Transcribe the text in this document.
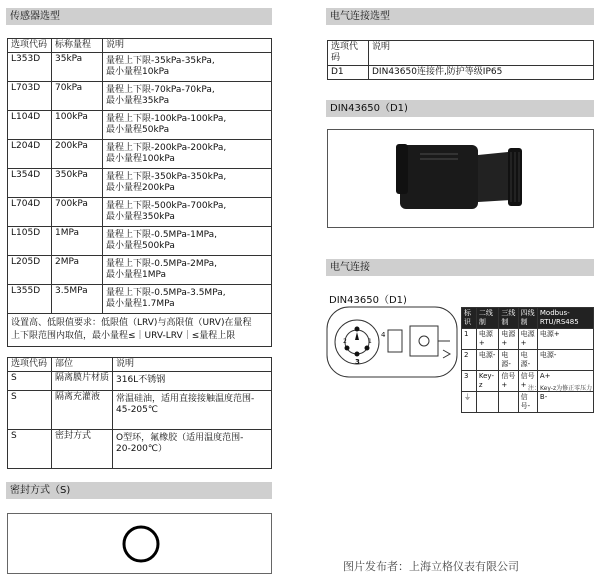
传感器选型
选项代码	标称量程	说明
L353D	35kPa	量程上下限-35kPa-35kPa,
最小量程10kPa

L703D	70kPa	量程上下限-70kPa-70kPa,
最小量程35kPa

L104D	100kPa	量程上下限-100kPa-100kPa,
最小量程50kPa

L204D	200kPa	量程上下限-200kPa-200kPa,
最小量程100kPa

L354D	350kPa	量程上下限-350kPa-350kPa,
最小量程200kPa

L704D	700kPa	量程上下限-500kPa-700kPa,
最小量程350kPa

L105D	1MPa	量程上下限-0.5MPa-1MPa,
最小量程500kPa

L205D	2MPa	量程上下限-0.5MPa-2MPa,
最小量程1MPa

L355D	3.5MPa	量程上下限-0.5MPa-3.5MPa,
最小量程1.7MPa

设置高、低限值要求：低限值（LRV)与高限值（URV)在量程
上下限范围内取值，最小量程≤｜URV-LRV｜≤量程上限		
选项代码	部位	说明
S	隔离膜片材质	316L不锈钢

S	隔离充灌液	常温硅油，适用直接接触温度范围-
45-205℃

S	密封方式	O型环，氟橡胶（适用温度范围-
20-200℃）
密封方式（S)
电气连接选型
选项代码	说明
D1	DIN43650连接件,防护等级IP65
DIN43650（D1)
电气连接
DIN43650（D1)
2	1
3
4
标识	二线制	三线制	四线制	Modbus-RTU/RS485
1	电源+	电源+	电源+	电源+
2	电源-	电源-	电源-	电源-
3	Key-z	信号+	信号+	A+
⏚			信号-	B-
注：Key-z为修正零压力
图片发布者：上海立格仪表有限公司
